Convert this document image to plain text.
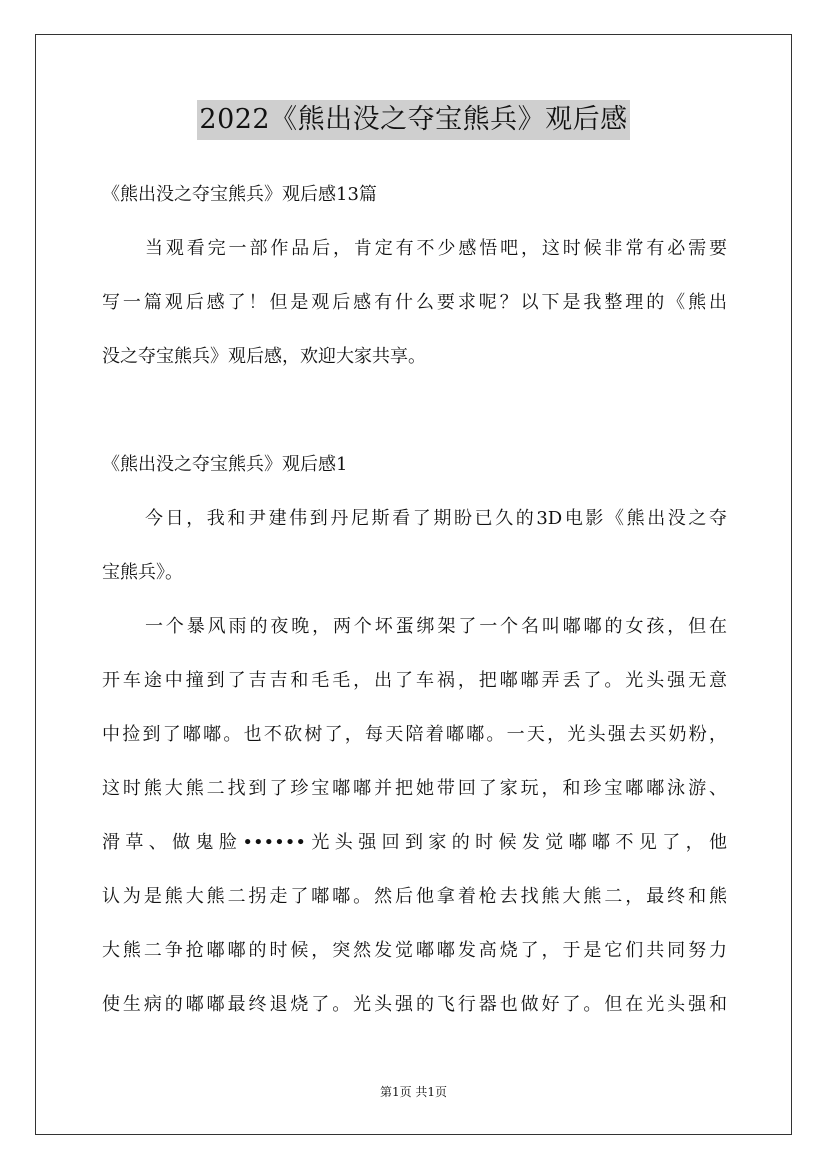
2022《熊出没之夺宝熊兵》观后感
《熊出没之夺宝熊兵》观后感13篇
当观看完一部作品后，肯定有不少感悟吧，这时候非常有必需要
写一篇观后感了！但是观后感有什么要求呢？以下是我整理的《熊出
没之夺宝熊兵》观后感，欢迎大家共享。
《熊出没之夺宝熊兵》观后感1
今日，我和尹建伟到丹尼斯看了期盼已久的3D电影《熊出没之夺
宝熊兵》。
一个暴风雨的夜晚，两个坏蛋绑架了一个名叫嘟嘟的女孩，但在
开车途中撞到了吉吉和毛毛，出了车祸，把嘟嘟弄丢了。光头强无意
中捡到了嘟嘟。也不砍树了，每天陪着嘟嘟。一天，光头强去买奶粉，
这时熊大熊二找到了珍宝嘟嘟并把她带回了家玩，和珍宝嘟嘟泳游、
滑草、做鬼脸••••••光头强回到家的时候发觉嘟嘟不见了，他
认为是熊大熊二拐走了嘟嘟。然后他拿着枪去找熊大熊二，最终和熊
大熊二争抢嘟嘟的时候，突然发觉嘟嘟发高烧了，于是它们共同努力
使生病的嘟嘟最终退烧了。光头强的飞行器也做好了。但在光头强和
第1页 共1页
